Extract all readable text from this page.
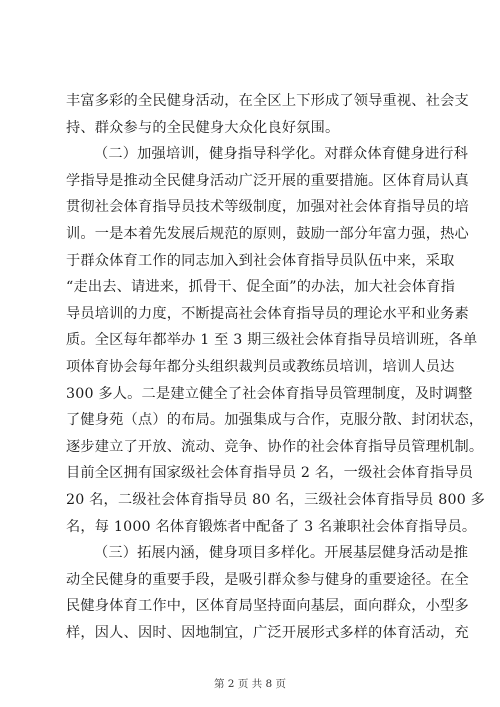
丰富多彩的全民健身活动，在全区上下形成了领导重视、社会支
持、群众参与的全民健身大众化良好氛围。
（二）加强培训，健身指导科学化。对群众体育健身进行科
学指导是推动全民健身活动广泛开展的重要措施。区体育局认真
贯彻社会体育指导员技术等级制度，加强对社会体育指导员的培
训。一是本着先发展后规范的原则，鼓励一部分年富力强，热心
于群众体育工作的同志加入到社会体育指导员队伍中来，采取
“走出去、请进来，抓骨干、促全面”的办法，加大社会体育指
导员培训的力度，不断提高社会体育指导员的理论水平和业务素
质。全区每年都举办 1 至 3 期三级社会体育指导员培训班，各单
项体育协会每年都分头组织裁判员或教练员培训，培训人员达
300 多人。二是建立健全了社会体育指导员管理制度，及时调整
了健身苑（点）的布局。加强集成与合作，克服分散、封闭状态，
逐步建立了开放、流动、竞争、协作的社会体育指导员管理机制。
目前全区拥有国家级社会体育指导员 2 名，一级社会体育指导员
20 名，二级社会体育指导员 80 名，三级社会体育指导员 800 多
名，每 1000 名体育锻炼者中配备了 3 名兼职社会体育指导员。
（三）拓展内涵，健身项目多样化。开展基层健身活动是推
动全民健身的重要手段，是吸引群众参与健身的重要途径。在全
民健身体育工作中，区体育局坚持面向基层，面向群众，小型多
样，因人、因时、因地制宜，广泛开展形式多样的体育活动，充
第 2 页 共 8 页
